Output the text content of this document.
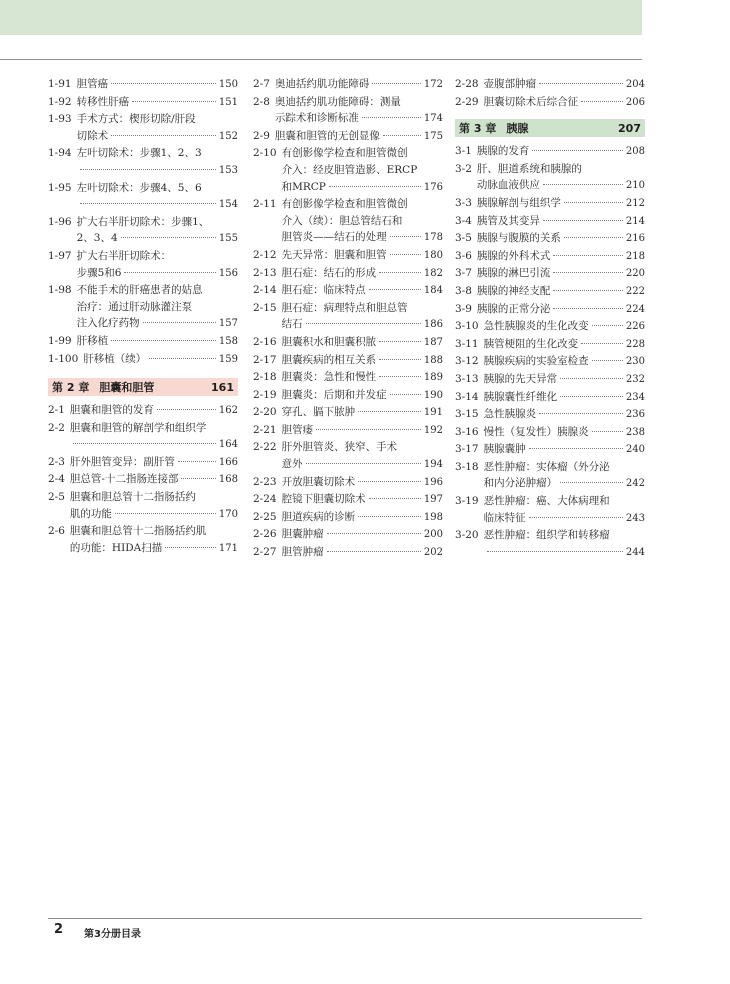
1-91 胆管癌	150
1-92 转移性肝癌	151
1-93 手术方式：楔形切除/肝段
切除术	152
1-94 左叶切除术：步骤1、2、3
153
1-95 左叶切除术：步骤4、5、6
154
1-96 扩大右半肝切除术：步骤1、
2、3、4	155
1-97 扩大右半肝切除术：
步骤5和6	156
1-98 不能手术的肝癌患者的姑息
治疗：通过肝动脉灌注泵
注入化疗药物	157
1-99 肝移植	158
1-100 肝移植（续）	159
第 2 章 胆囊和胆管	161
2-1 胆囊和胆管的发育	162
2-2 胆囊和胆管的解剖学和组织学
164
2-3 肝外胆管变异：副肝管	166
2-4 胆总管-十二指肠连接部	168
2-5 胆囊和胆总管十二指肠括约
肌的功能	170
2-6 胆囊和胆总管十二指肠括约肌
的功能：HIDA扫描	171
2-7 奥迪括约肌功能障碍	172
2-8 奥迪括约肌功能障碍：测量
示踪术和诊断标准	174
2-9 胆囊和胆管的无创显像	175
2-10 有创影像学检查和胆管微创
介入：经皮胆管造影、ERCP
和MRCP	176
2-11 有创影像学检查和胆管微创
介入（续）：胆总管结石和
胆管炎——结石的处理	178
2-12 先天异常：胆囊和胆管	180
2-13 胆石症：结石的形成	182
2-14 胆石症：临床特点	184
2-15 胆石症：病理特点和胆总管
结石	186
2-16 胆囊积水和胆囊积脓	187
2-17 胆囊疾病的相互关系	188
2-18 胆囊炎：急性和慢性	189
2-19 胆囊炎：后期和并发症	190
2-20 穿孔、膈下脓肿	191
2-21 胆管瘘	192
2-22 肝外胆管炎、狭窄、手术
意外	194
2-23 开放胆囊切除术	196
2-24 腔镜下胆囊切除术	197
2-25 胆道疾病的诊断	198
2-26 胆囊肿瘤	200
2-27 胆管肿瘤	202
2-28 壶腹部肿瘤	204
2-29 胆囊切除术后综合征	206
第 3 章 胰腺	207
3-1 胰腺的发育	208
3-2 肝、胆道系统和胰腺的
动脉血液供应	210
3-3 胰腺解剖与组织学	212
3-4 胰管及其变异	214
3-5 胰腺与腹膜的关系	216
3-6 胰腺的外科术式	218
3-7 胰腺的淋巴引流	220
3-8 胰腺的神经支配	222
3-9 胰腺的正常分泌	224
3-10 急性胰腺炎的生化改变	226
3-11 胰管梗阻的生化改变	228
3-12 胰腺疾病的实验室检查	230
3-13 胰腺的先天异常	232
3-14 胰腺囊性纤维化	234
3-15 急性胰腺炎	236
3-16 慢性（复发性）胰腺炎	238
3-17 胰腺囊肿	240
3-18 恶性肿瘤：实体瘤（外分泌
和内分泌肿瘤）	242
3-19 恶性肿瘤：癌、大体病理和
临床特征	243
3-20 恶性肿瘤：组织学和转移瘤
244
2 第3分册目录
